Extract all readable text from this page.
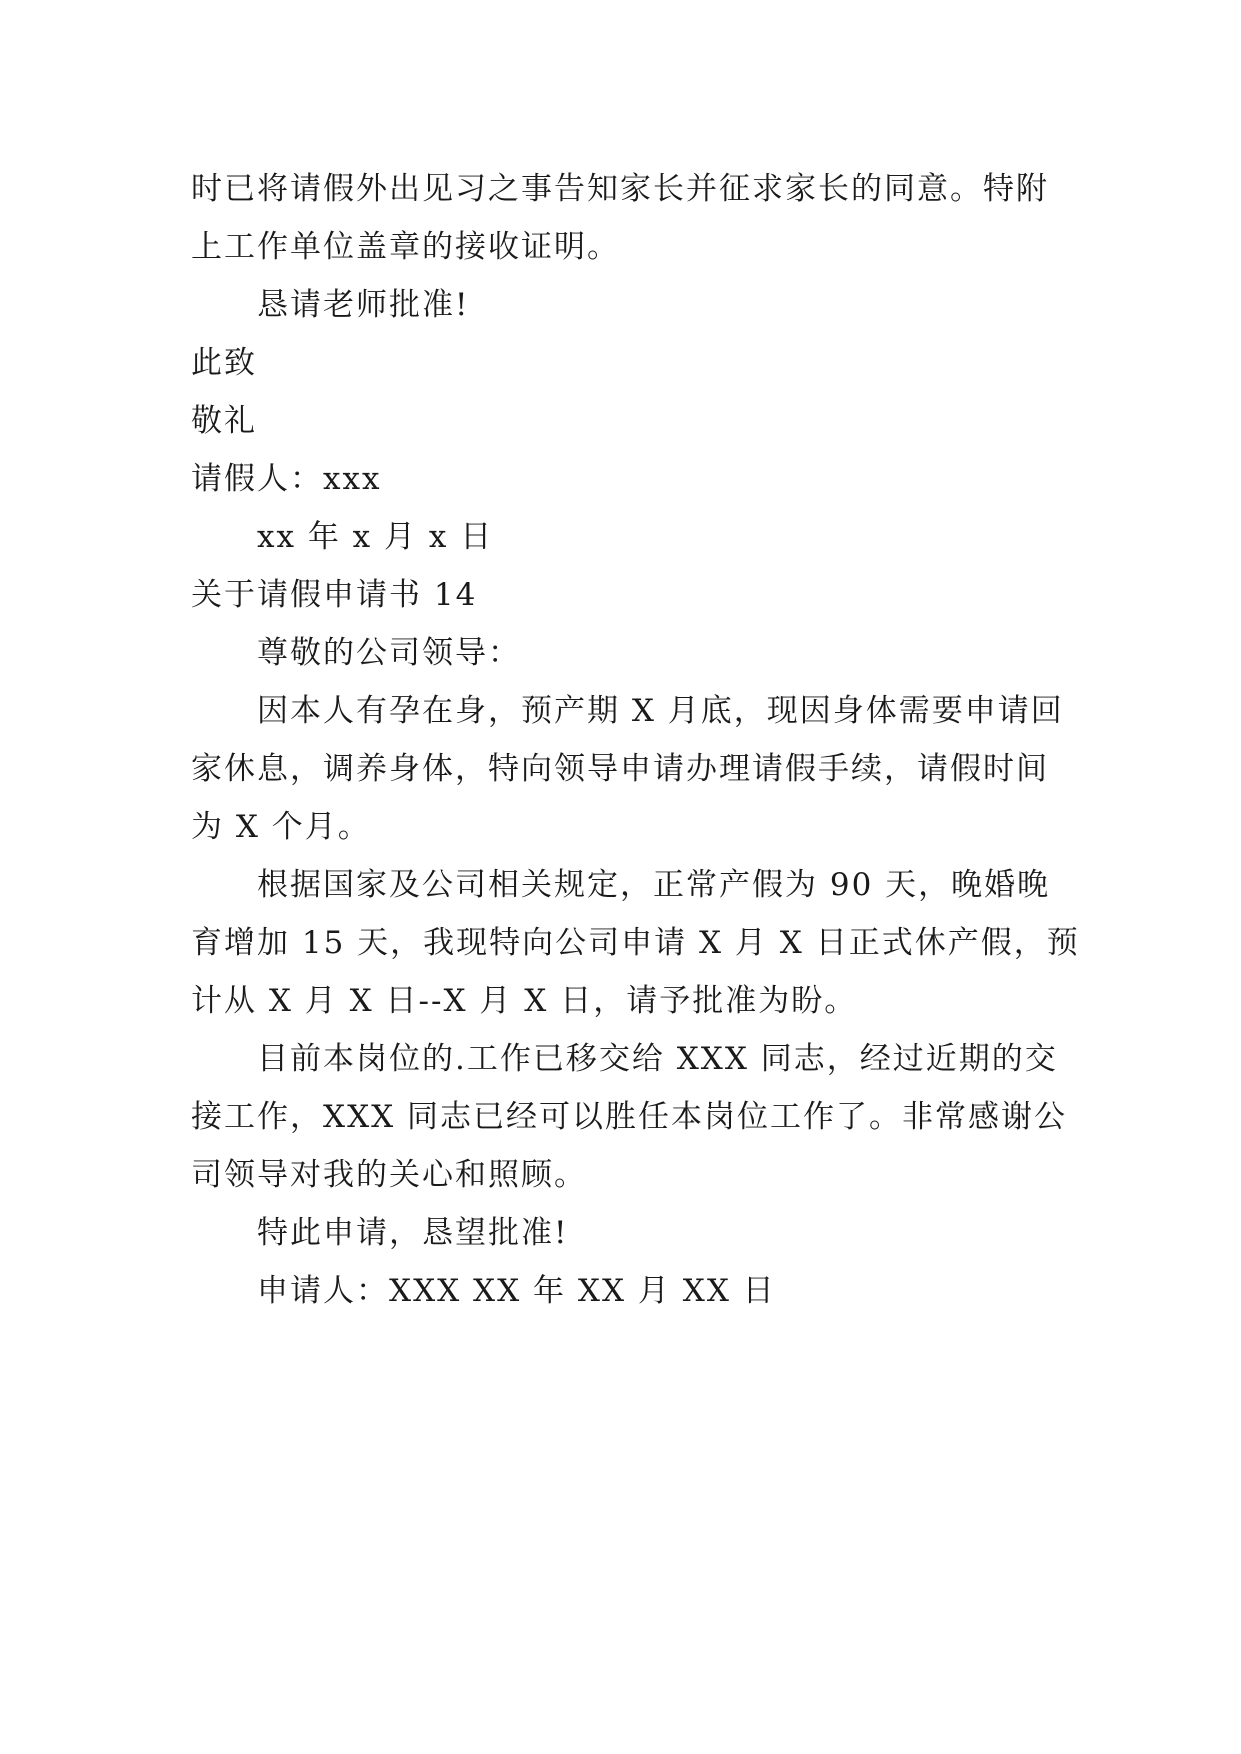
时已将请假外出见习之事告知家长并征求家长的同意。特附
上工作单位盖章的接收证明。
恳请老师批准!
此致
敬礼
请假人：xxx
xx 年 x 月 x 日
关于请假申请书 14
尊敬的公司领导：
因本人有孕在身，预产期 X 月底，现因身体需要申请回
家休息，调养身体，特向领导申请办理请假手续，请假时间
为 X 个月。
根据国家及公司相关规定，正常产假为 90 天，晚婚晚
育增加 15 天，我现特向公司申请 X 月 X 日正式休产假，预
计从 X 月 X 日--X 月 X 日，请予批准为盼。
目前本岗位的.工作已移交给 XXX 同志，经过近期的交
接工作，XXX 同志已经可以胜任本岗位工作了。非常感谢公
司领导对我的关心和照顾。
特此申请，恳望批准!
申请人：XXX XX 年 XX 月 XX 日
